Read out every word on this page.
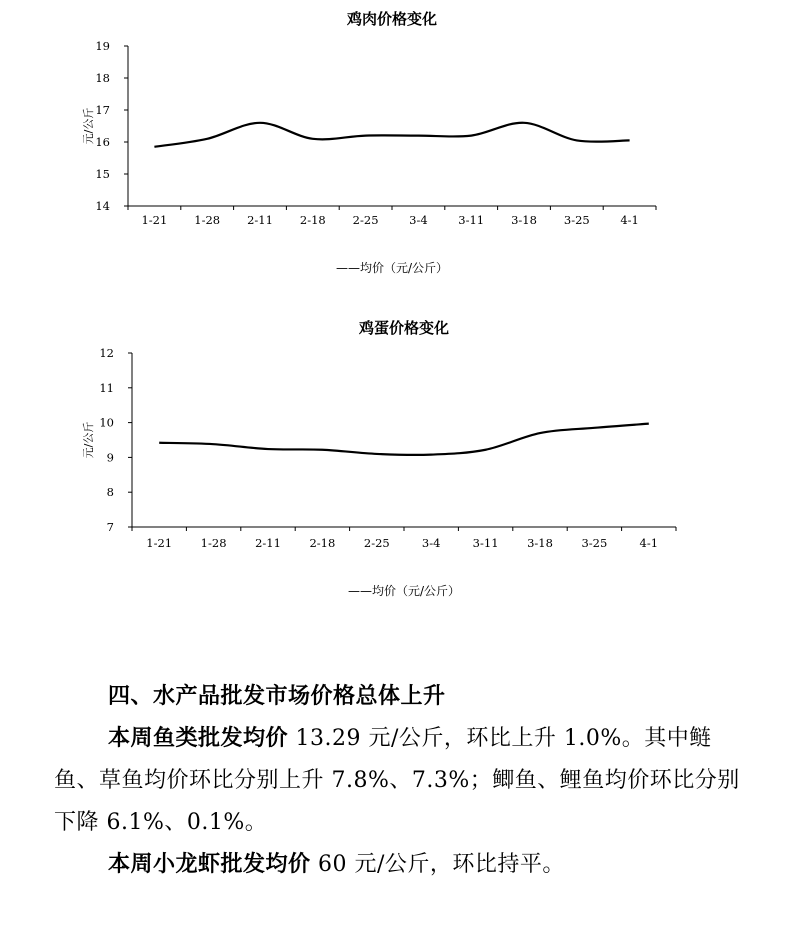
鸡肉价格变化
14
15
16
17
18
19
1-21 1-28 2-11 2-18 2-25	3-4	3-11 3-18 3-25	4-1
元/公斤
——均价（元/公斤）
鸡蛋价格变化
7
8
9
10
11
12
1-21 1-28 2-11 2-18 2-25	3-4	3-11 3-18 3-25	4-1
元/公斤
——均价（元/公斤）

四、水产品批发市场价格总体上升

本周鱼类批发均价 13.29 元/公斤，环比上升 1.0%。其中鲢鱼、草鱼均价环比分别上升 7.8%、7.3%；鲫鱼、鲤鱼均价环比分别下降 6.1%、0.1%。

本周小龙虾批发均价 60 元/公斤，环比持平。
